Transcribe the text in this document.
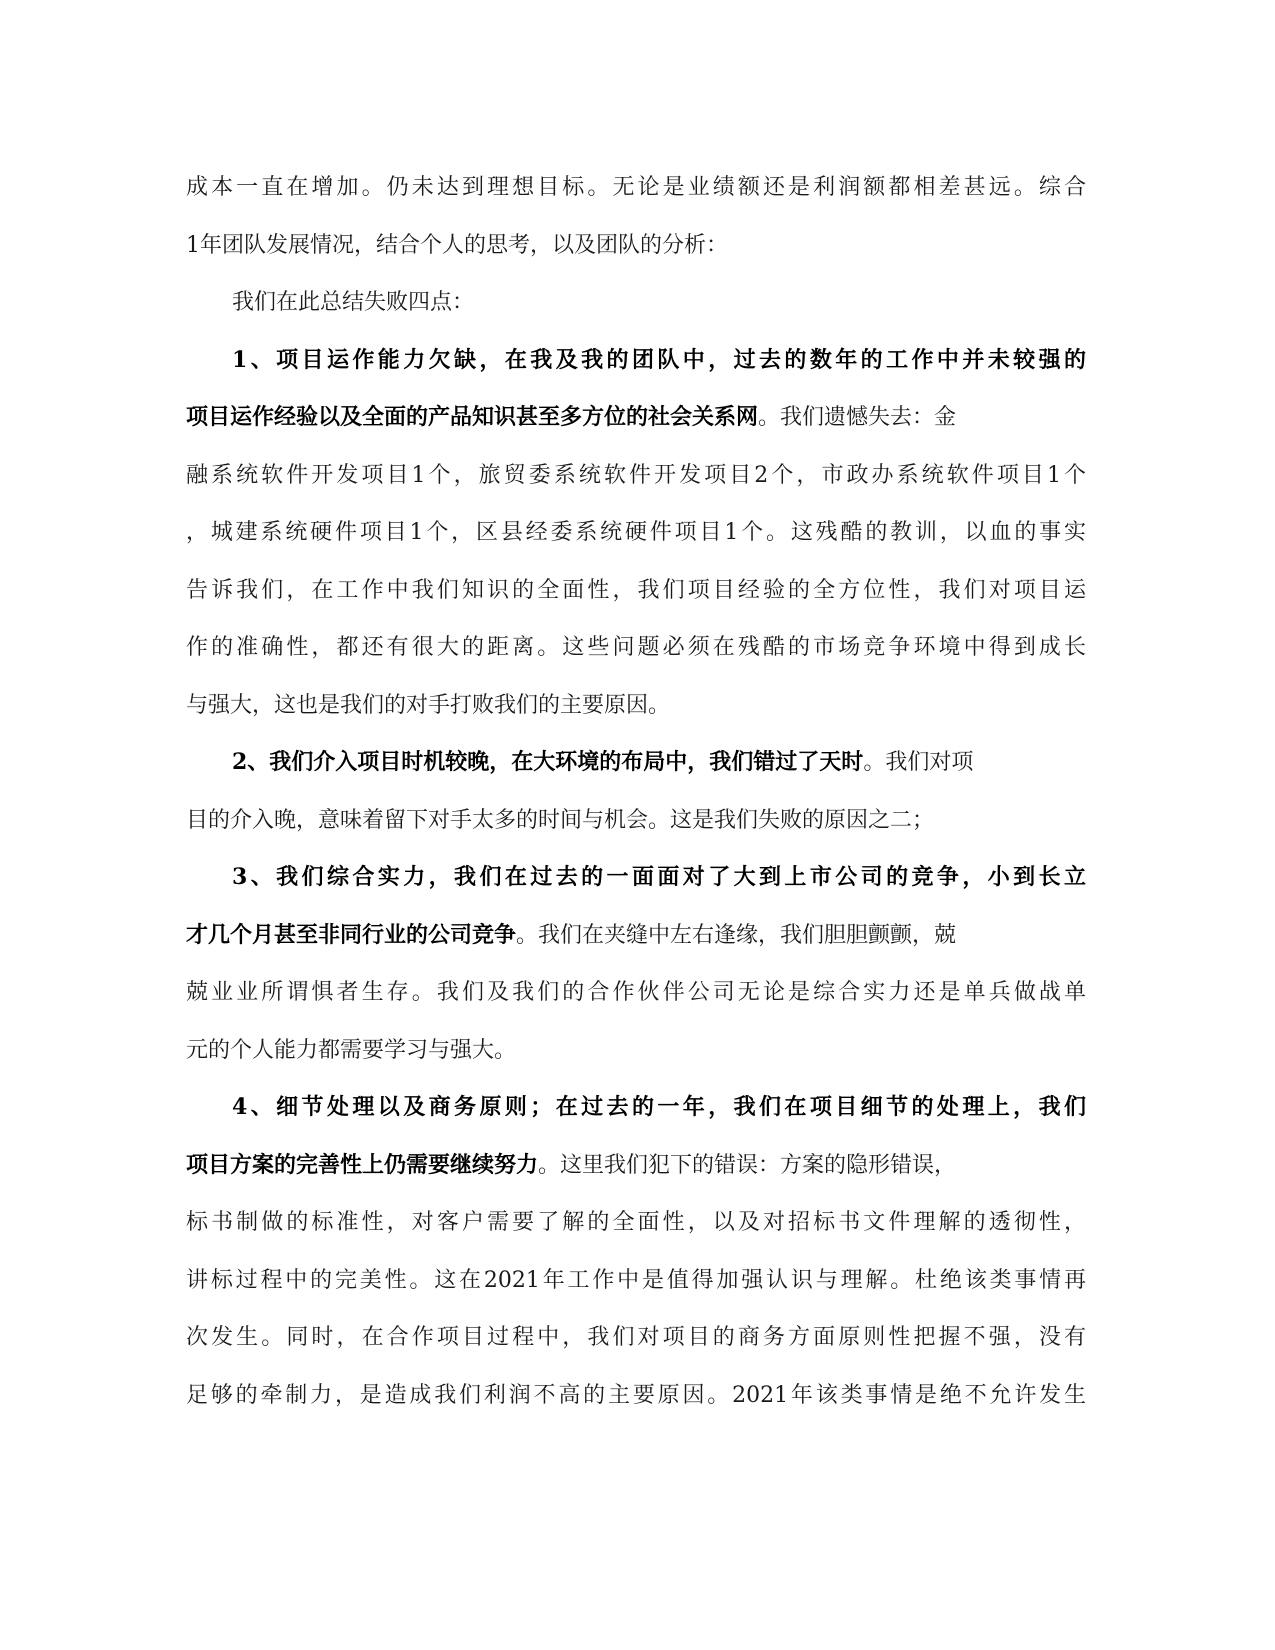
成本一直在增加。仍未达到理想目标。无论是业绩额还是利润额都相差甚远。综合
1年团队发展情况，结合个人的思考，以及团队的分析：
我们在此总结失败四点：
1、项目运作能力欠缺，在我及我的团队中，过去的数年的工作中并未较强的
项目运作经验以及全面的产品知识甚至多方位的社会关系网。我们遗憾失去：金
融系统软件开发项目1个，旅贸委系统软件开发项目2个，市政办系统软件项目1个
，城建系统硬件项目1个，区县经委系统硬件项目1个。这残酷的教训，以血的事实
告诉我们，在工作中我们知识的全面性，我们项目经验的全方位性，我们对项目运
作的准确性，都还有很大的距离。这些问题必须在残酷的市场竞争环境中得到成长
与强大，这也是我们的对手打败我们的主要原因。
2、我们介入项目时机较晚，在大环境的布局中，我们错过了天时。我们对项
目的介入晚，意味着留下对手太多的时间与机会。这是我们失败的原因之二；
3、我们综合实力，我们在过去的一面面对了大到上市公司的竞争，小到长立
才几个月甚至非同行业的公司竞争。我们在夹缝中左右逢缘，我们胆胆颤颤，兢
兢业业所谓惧者生存。我们及我们的合作伙伴公司无论是综合实力还是单兵做战单
元的个人能力都需要学习与强大。
4、细节处理以及商务原则；在过去的一年，我们在项目细节的处理上，我们
项目方案的完善性上仍需要继续努力。这里我们犯下的错误：方案的隐形错误，
标书制做的标准性，对客户需要了解的全面性，以及对招标书文件理解的透彻性，
讲标过程中的完美性。这在2021年工作中是值得加强认识与理解。杜绝该类事情再
次发生。同时，在合作项目过程中，我们对项目的商务方面原则性把握不强，没有
足够的牵制力，是造成我们利润不高的主要原因。2021年该类事情是绝不允许发生
